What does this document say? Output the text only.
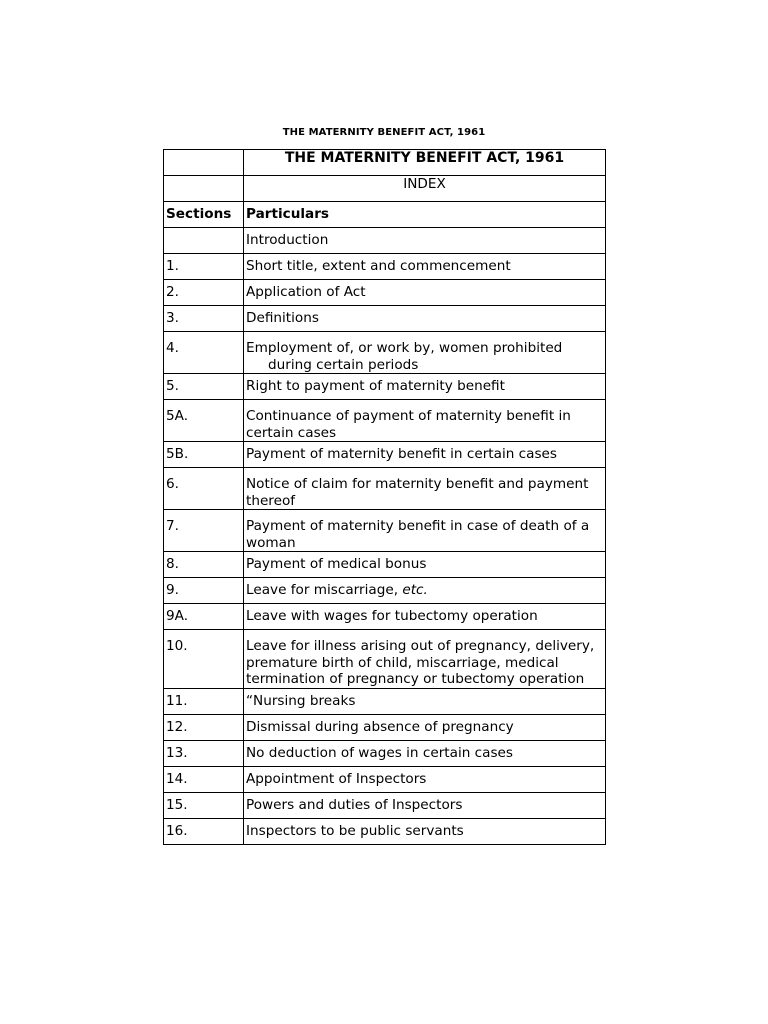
THE MATERNITY BENEFIT ACT, 1961
	THE MATERNITY BENEFIT ACT, 1961
	INDEX
Sections	Particulars
	Introduction
1.	Short title, extent and commencement
2.	Application of Act
3.	Definitions
4.	Employment of, or work by, women prohibited
during certain periods

5.	Right to payment of maternity benefit
5A.	Continuance of payment of maternity benefit in certain cases
5B.	Payment of maternity benefit in certain cases
6.	Notice of claim for maternity benefit and payment thereof
7.	Payment of maternity benefit in case of death of a woman
8.	Payment of medical bonus
9.	Leave for miscarriage, etc.
9A.	Leave with wages for tubectomy operation
10.	Leave for illness arising out of pregnancy, delivery, premature birth of child, miscarriage, medical termination of pregnancy or tubectomy operation
11.	“Nursing breaks
12.	Dismissal during absence of pregnancy
13.	No deduction of wages in certain cases
14.	Appointment of Inspectors
15.	Powers and duties of Inspectors
16.	Inspectors to be public servants
